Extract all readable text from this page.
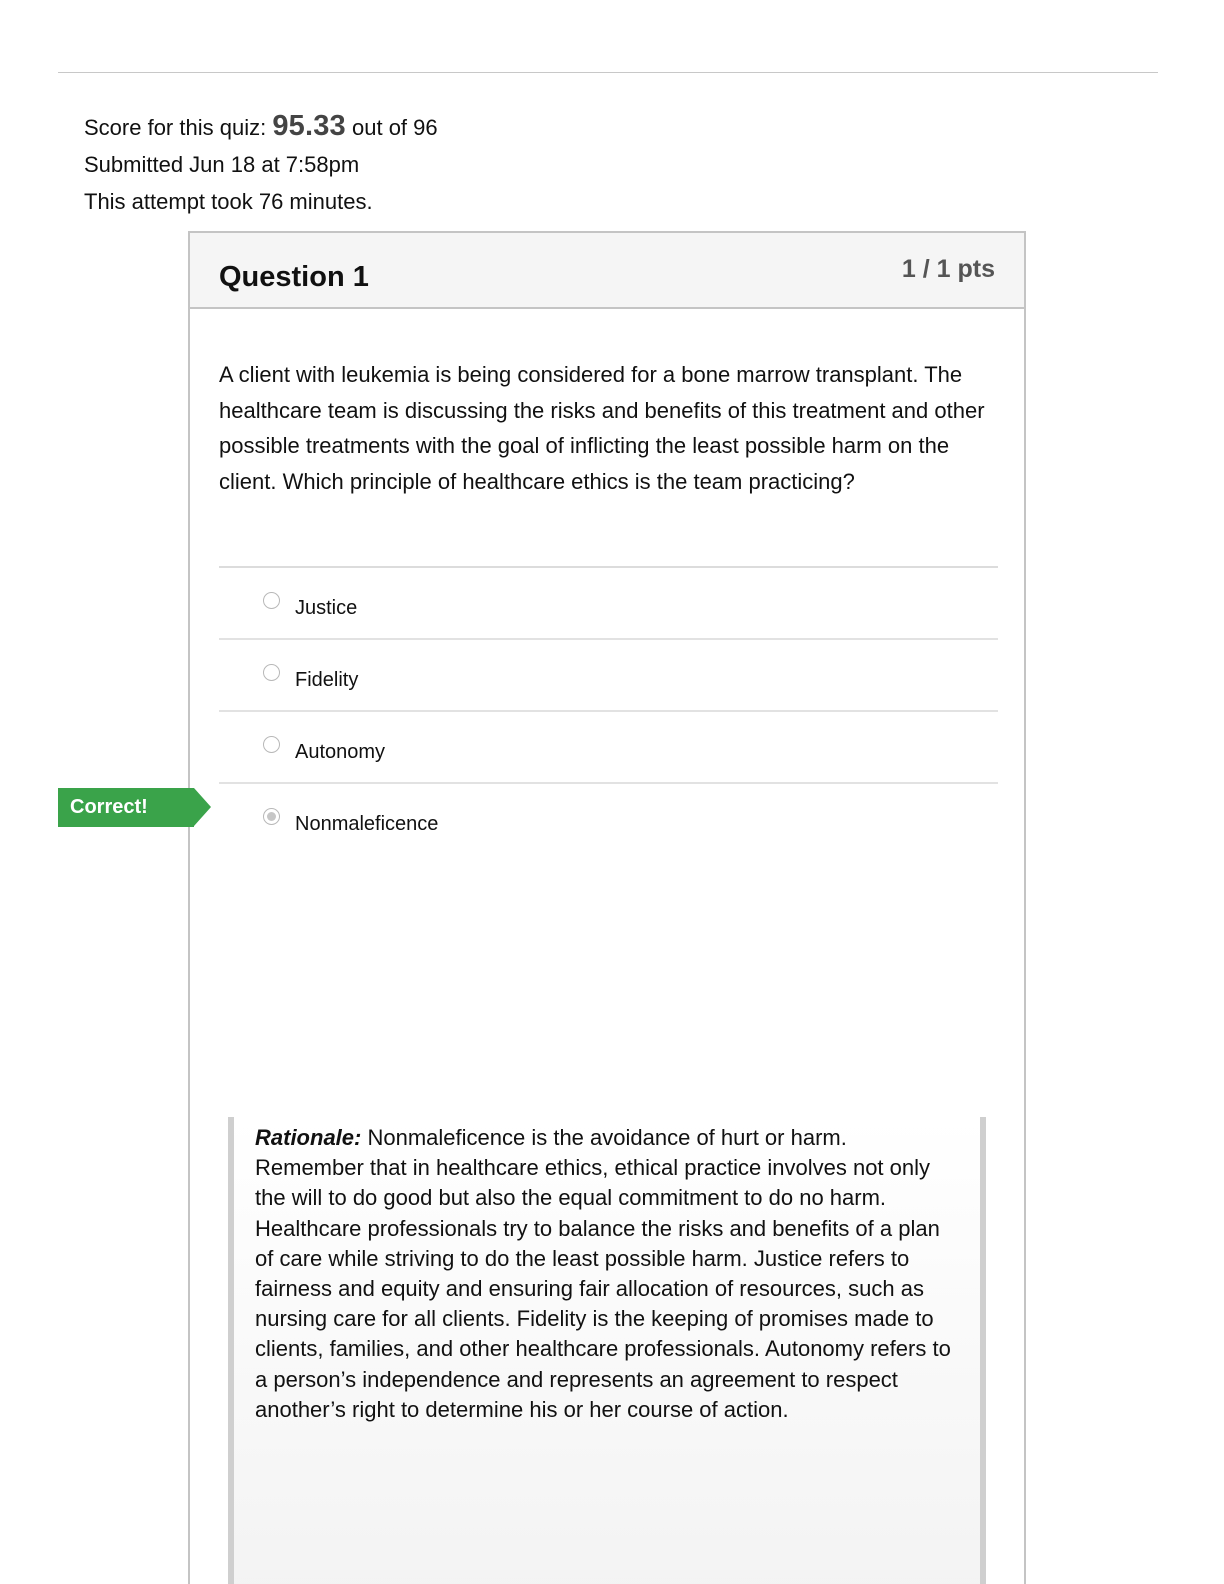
Score for this quiz: 95.33 out of 96
Submitted Jun 18 at 7:58pm
This attempt took 76 minutes.
Question 1	1 / 1 pts
A client with leukemia is being considered for a bone marrow transplant. The healthcare team is discussing the risks and benefits of this treatment and other possible treatments with the goal of inflicting the least possible harm on the client. Which principle of healthcare ethics is the team practicing?
Justice
Fidelity
Autonomy
Nonmaleficence
Correct!
Rationale: Nonmaleficence is the avoidance of hurt or harm. Remember that in healthcare ethics, ethical practice involves not only the will to do good but also the equal commitment to do no harm. Healthcare professionals try to balance the risks and benefits of a plan of care while striving to do the least possible harm. Justice refers to fairness and equity and ensuring fair allocation of resources, such as nursing care for all clients. Fidelity is the keeping of promises made to clients, families, and other healthcare professionals. Autonomy refers to a person’s independence and represents an agreement to respect another’s right to determine his or her course of action.
